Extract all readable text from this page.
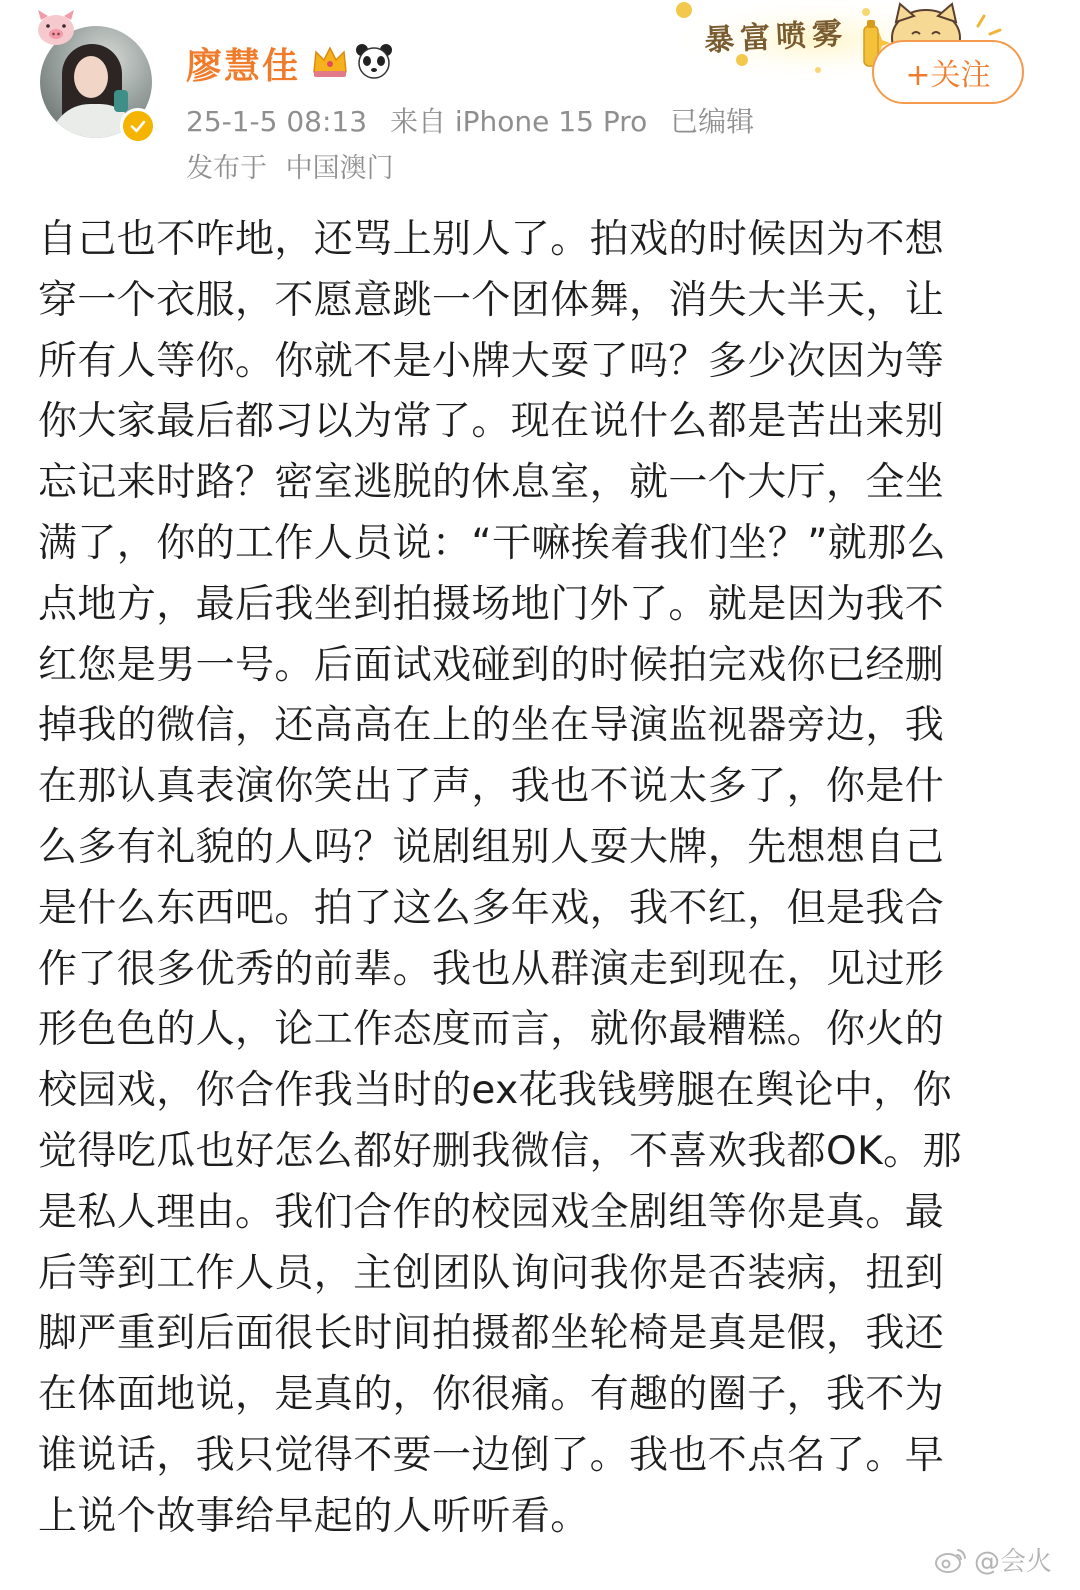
廖慧佳
25-1-5 08:13 来自 iPhone 15 Pro 已编辑
发布于 中国澳门
暴富喷雾
+关注
自己也不咋地，还骂上别人了。拍戏的时候因为不想
穿一个衣服，不愿意跳一个团体舞，消失大半天，让
所有人等你。你就不是小牌大耍了吗？多少次因为等
你大家最后都习以为常了。现在说什么都是苦出来别
忘记来时路？密室逃脱的休息室，就一个大厅，全坐
满了，你的工作人员说：“干嘛挨着我们坐？”就那么
点地方，最后我坐到拍摄场地门外了。就是因为我不
红您是男一号。后面试戏碰到的时候拍完戏你已经删
掉我的微信，还高高在上的坐在导演监视器旁边，我
在那认真表演你笑出了声，我也不说太多了，你是什
么多有礼貌的人吗？说剧组别人耍大牌，先想想自己
是什么东西吧。拍了这么多年戏，我不红，但是我合
作了很多优秀的前辈。我也从群演走到现在，见过形
形色色的人，论工作态度而言，就你最糟糕。你火的
校园戏，你合作我当时的ex花我钱劈腿在舆论中，你
觉得吃瓜也好怎么都好删我微信，不喜欢我都OK。那
是私人理由。我们合作的校园戏全剧组等你是真。最
后等到工作人员，主创团队询问我你是否装病，扭到
脚严重到后面很长时间拍摄都坐轮椅是真是假，我还
在体面地说，是真的，你很痛。有趣的圈子，我不为
谁说话，我只觉得不要一边倒了。我也不点名了。早
上说个故事给早起的人听听看。
@会火
